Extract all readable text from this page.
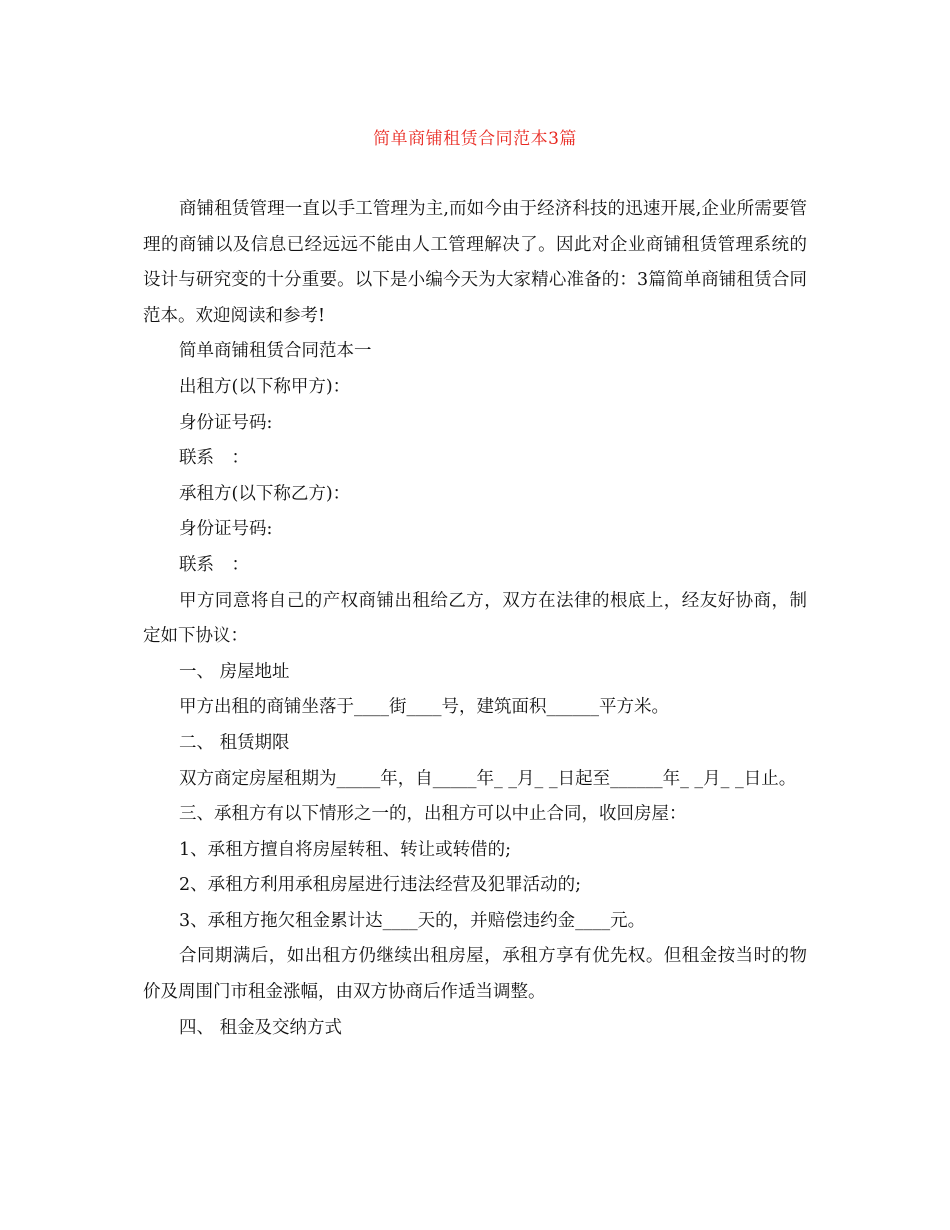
简单商铺租赁合同范本3篇

商铺租赁管理一直以手工管理为主,而如今由于经济科技的迅速开展,企业所需要管理的商铺以及信息已经远远不能由人工管理解决了。因此对企业商铺租赁管理系统的设计与研究变的十分重要。以下是小编今天为大家精心准备的：3篇简单商铺租赁合同范本。欢迎阅读和参考!

简单商铺租赁合同范本一

出租方(以下称甲方)：

身份证号码:

联系　：

承租方(以下称乙方)：

身份证号码:

联系　：

甲方同意将自己的产权商铺出租给乙方，双方在法律的根底上，经友好协商，制定如下协议：

一、 房屋地址

甲方出租的商铺坐落于____街____号，建筑面积______平方米。

二、 租赁期限

双方商定房屋租期为_____年，自_____年_ _月_ _日起至______年_ _月_ _日止。

三、承租方有以下情形之一的，出租方可以中止合同，收回房屋：

1、承租方擅自将房屋转租、转让或转借的;

2、承租方利用承租房屋进行违法经营及犯罪活动的;

3、承租方拖欠租金累计达____天的，并赔偿违约金____元。

合同期满后，如出租方仍继续出租房屋，承租方享有优先权。但租金按当时的物价及周围门市租金涨幅，由双方协商后作适当调整。

四、 租金及交纳方式
